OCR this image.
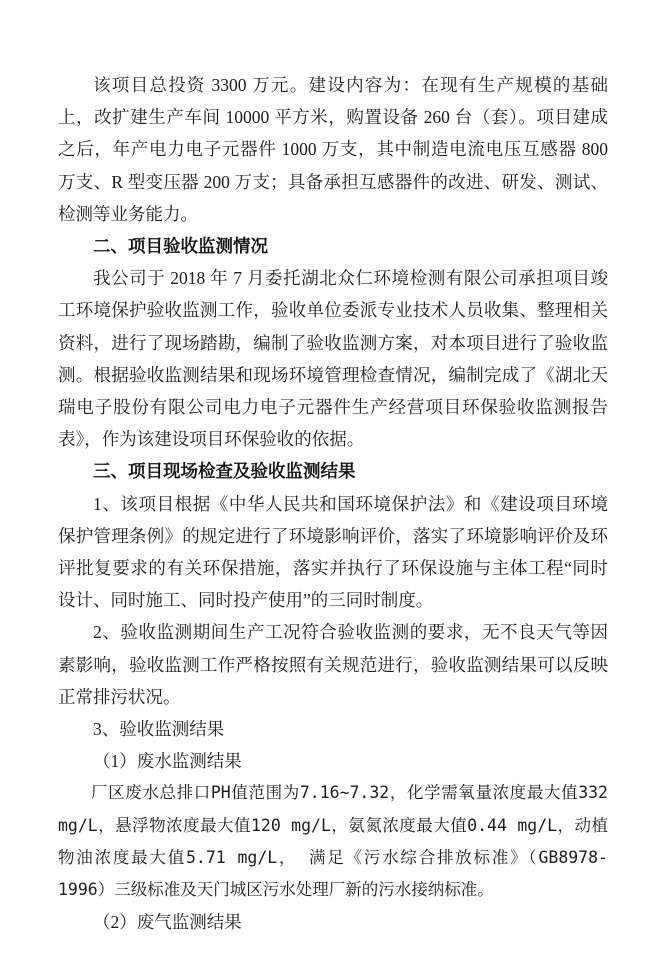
该项目总投资 3300 万元。建设内容为：在现有生产规模的基础上，改扩建生产车间 10000 平方米，购置设备 260 台（套）。项目建成之后，年产电力电子元器件 1000 万支，其中制造电流电压互感器 800 万支、R 型变压器 200 万支；具备承担互感器件的改进、研发、测试、检测等业务能力。
二、项目验收监测情况
我公司于 2018 年 7 月委托湖北众仁环境检测有限公司承担项目竣工环境保护验收监测工作，验收单位委派专业技术人员收集、整理相关资料，进行了现场踏勘，编制了验收监测方案，对本项目进行了验收监测。根据验收监测结果和现场环境管理检查情况，编制完成了《湖北天瑞电子股份有限公司电力电子元器件生产经营项目环保验收监测报告表》，作为该建设项目环保验收的依据。
三、项目现场检查及验收监测结果
1、该项目根据《中华人民共和国环境保护法》和《建设项目环境保护管理条例》的规定进行了环境影响评价，落实了环境影响评价及环评批复要求的有关环保措施，落实并执行了环保设施与主体工程“同时设计、同时施工、同时投产使用”的三同时制度。
2、验收监测期间生产工况符合验收监测的要求，无不良天气等因素影响，验收监测工作严格按照有关规范进行，验收监测结果可以反映正常排污状况。
3、验收监测结果
（1）废水监测结果
厂区废水总排口PH值范围为7.16~7.32，化学需氧量浓度最大值332 mg/L，悬浮物浓度最大值120 mg/L，氨氮浓度最大值0.44 mg/L，动植物油浓度最大值5.71 mg/L， 满足《污水综合排放标准》（GB8978-1996）三级标准及天门城区污水处理厂新的污水接纳标准。
（2）废气监测结果
